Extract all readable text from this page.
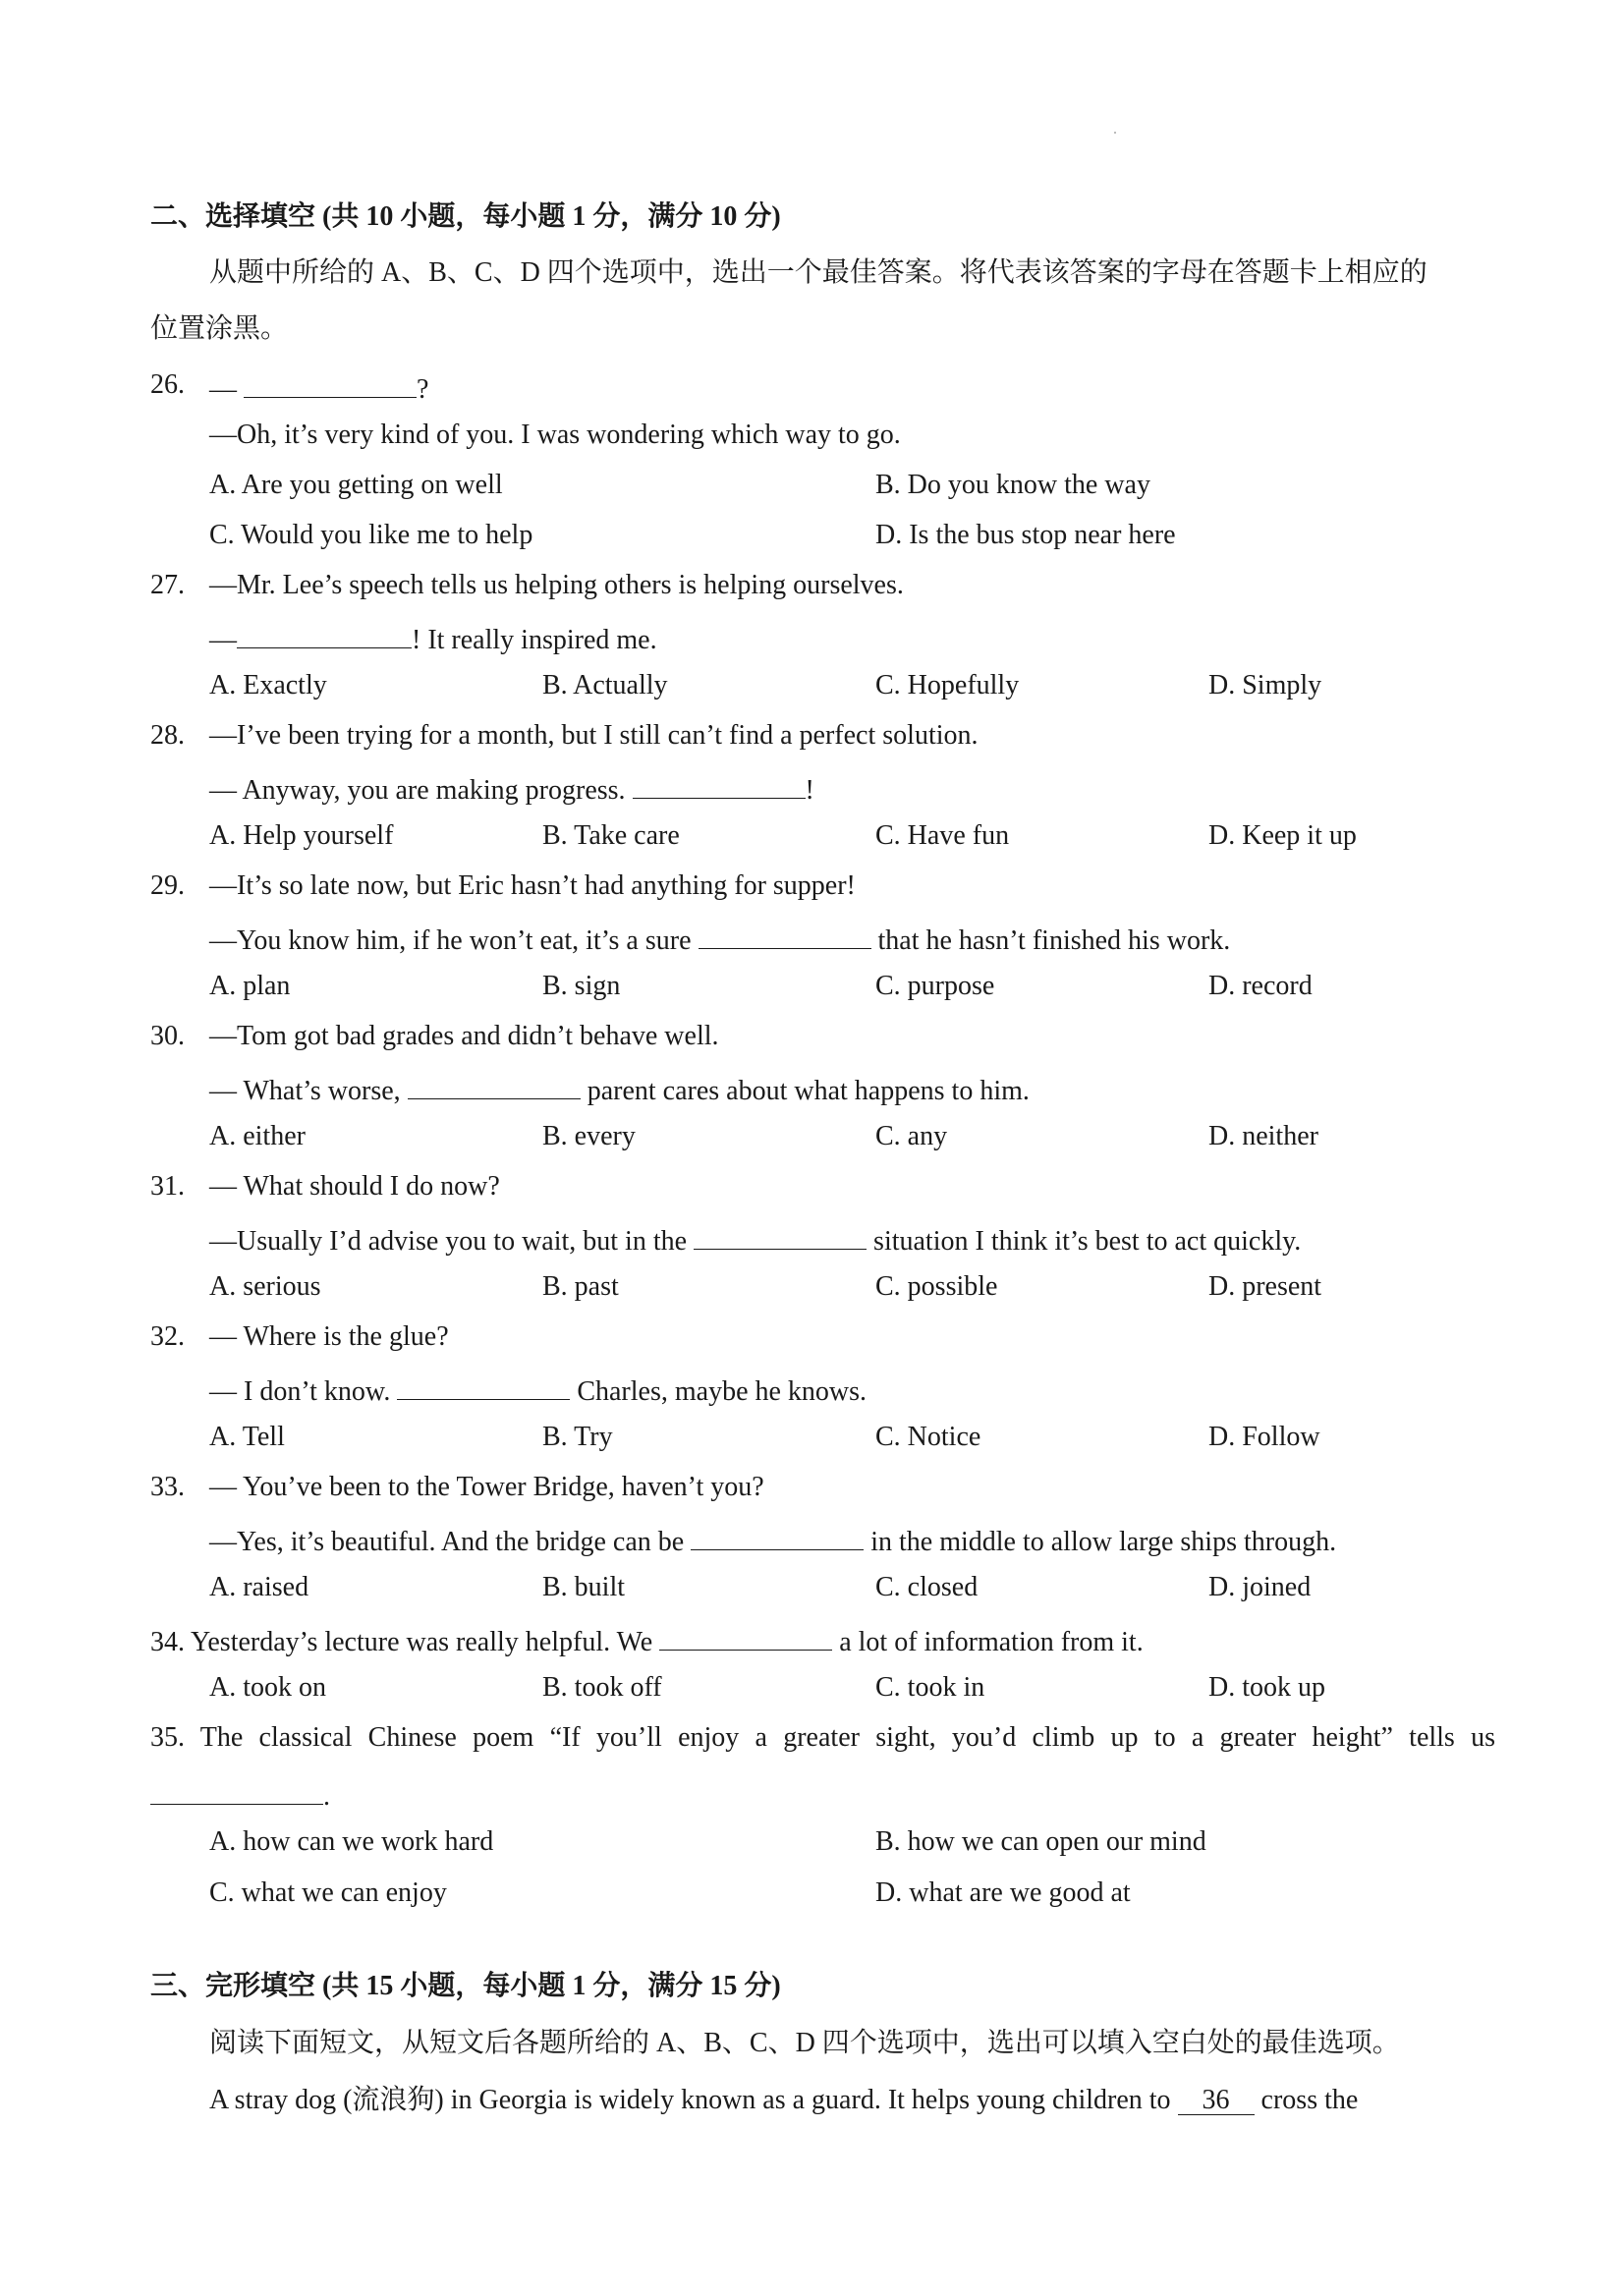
二、选择填空 (共 10 小题，每小题 1 分，满分 10 分)
从题中所给的 A、B、C、D 四个选项中，选出一个最佳答案。将代表该答案的字母在答题卡上相应的
位置涂黑。
26. —	?
—Oh, it’s very kind of you. I was wondering which way to go.
A. Are you getting on well	B. Do you know the way
C. Would you like me to help	D. Is the bus stop near here
27. —Mr. Lee’s speech tells us helping others is helping ourselves.
—	! It really inspired me.
A. Exactly	B. Actually	C. Hopefully	D. Simply
28. —I’ve been trying for a month, but I still can’t find a perfect solution.
— Anyway, you are making progress.	!
A. Help yourself	B. Take care	C. Have fun	D. Keep it up
29. —It’s so late now, but Eric hasn’t had anything for supper!
—You know him, if he won’t eat, it’s a sure	that he hasn’t finished his work.
A. plan	B. sign	C. purpose	D. record
30. —Tom got bad grades and didn’t behave well.
— What’s worse,	parent cares about what happens to him.
A. either	B. every	C. any	D. neither
31. — What should I do now?
—Usually I’d advise you to wait, but in the	situation I think it’s best to act quickly.
A. serious	B. past	C. possible	D. present
32. — Where is the glue?
— I don’t know.	Charles, maybe he knows.
A. Tell	B. Try	C. Notice	D. Follow
33. — You’ve been to the Tower Bridge, haven’t you?
—Yes, it’s beautiful. And the bridge can be	in the middle to allow large ships through.
A. raised	B. built	C. closed	D. joined
34. Yesterday’s lecture was really helpful. We	a lot of information from it.
A. took on	B. took off	C. took in	D. took up
35. The classical Chinese poem “If you’ll enjoy a greater sight, you’d climb up to a greater height” tells us
.
A. how can we work hard	B. how we can open our mind
C. what we can enjoy	D. what are we good at
三、完形填空 (共 15 小题，每小题 1 分，满分 15 分)
阅读下面短文，从短文后各题所给的 A、B、C、D 四个选项中，选出可以填入空白处的最佳选项。
A stray dog (流浪狗) in Georgia is widely known as a guard. It helps young children to 36 cross the
